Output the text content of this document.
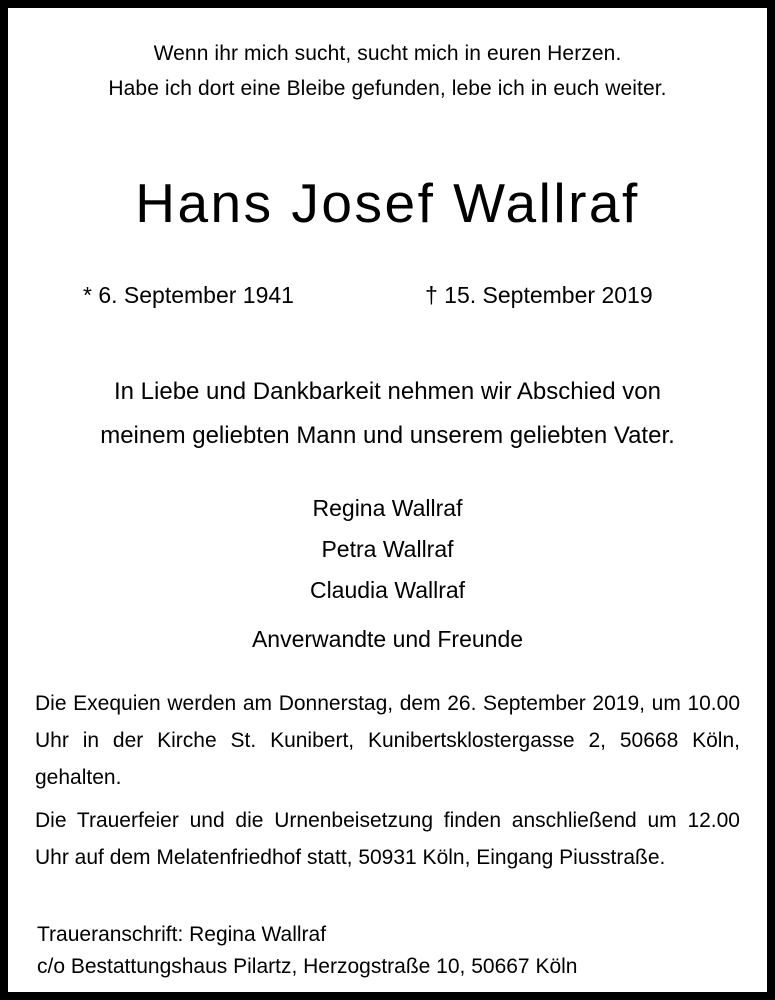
Wenn ihr mich sucht, sucht mich in euren Herzen.
Habe ich dort eine Bleibe gefunden, lebe ich in euch weiter.
Hans Josef Wallraf
* 6. September 1941	† 15. September 2019
In Liebe und Dankbarkeit nehmen wir Abschied von
meinem geliebten Mann und unserem geliebten Vater.
Regina Wallraf
Petra Wallraf
Claudia Wallraf
Anverwandte und Freunde
Die Exequien werden am Donnerstag, dem 26. September 2019, um 10.00 Uhr in der Kirche St. Kunibert, Kunibertsklostergasse 2, 50668 Köln, gehalten.
Die Trauerfeier und die Urnenbeisetzung finden anschließend um 12.00 Uhr auf dem Melatenfriedhof statt, 50931 Köln, Eingang Piusstraße.
Traueranschrift: Regina Wallraf
c/o Bestattungshaus Pilartz, Herzogstraße 10, 50667 Köln
